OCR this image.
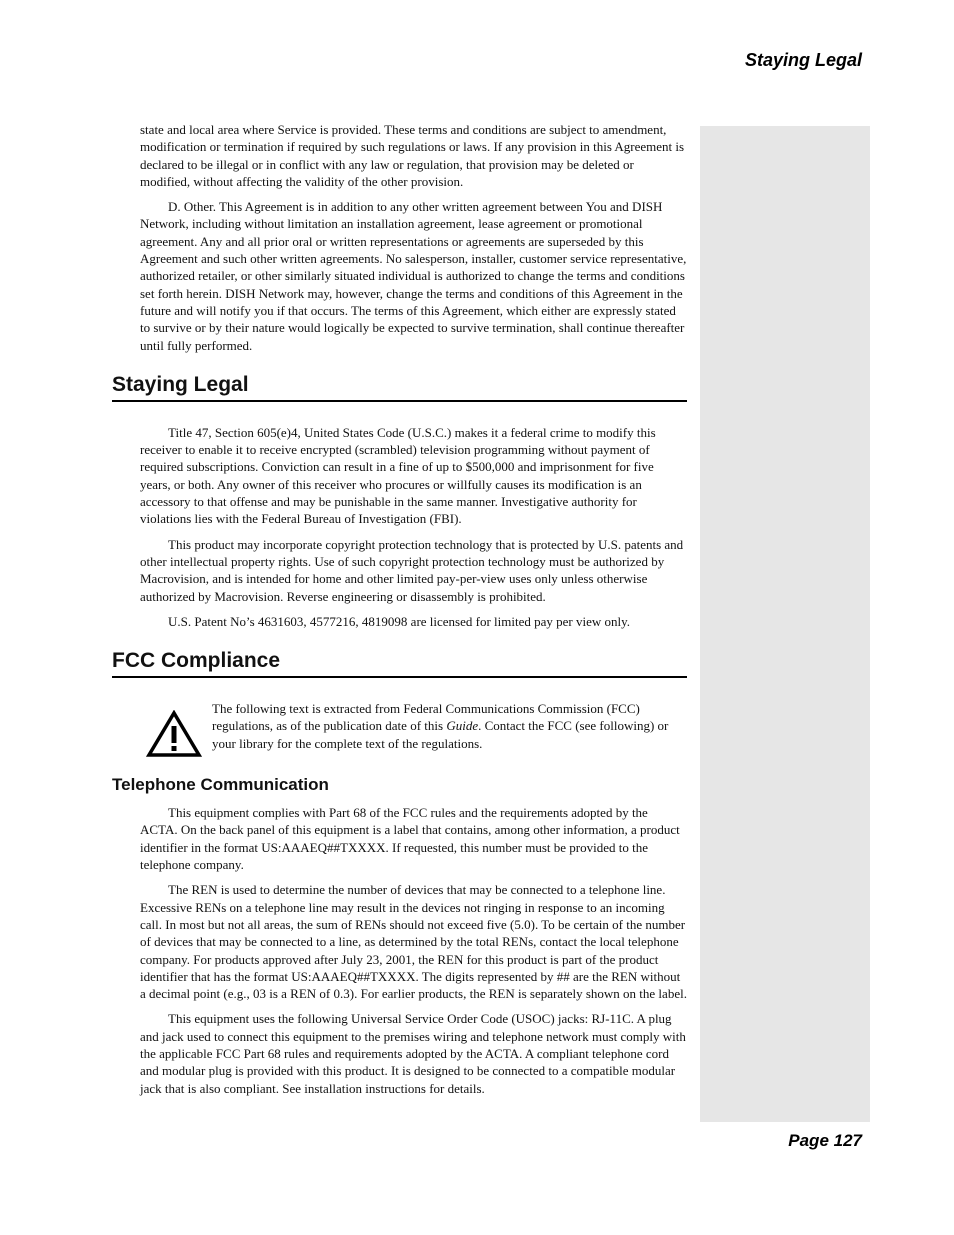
Staying Legal

state and local area where Service is provided. These terms and conditions are subject to amendment, modification or termination if required by such regulations or laws. If any provision in this Agreement is declared to be illegal or in conflict with any law or regulation, that provision may be deleted or modified, without affecting the validity of the other provision.

D. Other. This Agreement is in addition to any other written agreement between You and DISH Network, including without limitation an installation agreement, lease agreement or promotional agreement. Any and all prior oral or written representations or agreements are superseded by this Agreement and such other written agreements. No salesperson, installer, customer service representative, authorized retailer, or other similarly situated individual is authorized to change the terms and conditions set forth herein. DISH Network may, however, change the terms and conditions of this Agreement in the future and will notify you if that occurs. The terms of this Agreement, which either are expressly stated to survive or by their nature would logically be expected to survive termination, shall continue thereafter until fully performed.

Staying Legal

Title 47, Section 605(e)4, United States Code (U.S.C.) makes it a federal crime to modify this receiver to enable it to receive encrypted (scrambled) television programming without payment of required subscriptions. Conviction can result in a fine of up to $500,000 and imprisonment for five years, or both. Any owner of this receiver who procures or willfully causes its modification is an accessory to that offense and may be punishable in the same manner. Investigative authority for violations lies with the Federal Bureau of Investigation (FBI).

This product may incorporate copyright protection technology that is protected by U.S. patents and other intellectual property rights. Use of such copyright protection technology must be authorized by Macrovision, and is intended for home and other limited pay-per-view uses only unless otherwise authorized by Macrovision. Reverse engineering or disassembly is prohibited.

U.S. Patent No’s 4631603, 4577216, 4819098 are licensed for limited pay per view only.

FCC Compliance

The following text is extracted from Federal Communications Commission (FCC) regulations, as of the publication date of this Guide. Contact the FCC (see following) or your library for the complete text of the regulations.

Telephone Communication

This equipment complies with Part 68 of the FCC rules and the requirements adopted by the ACTA. On the back panel of this equipment is a label that contains, among other information, a product identifier in the format US:AAAEQ##TXXXX. If requested, this number must be provided to the telephone company.

The REN is used to determine the number of devices that may be connected to a telephone line. Excessive RENs on a telephone line may result in the devices not ringing in response to an incoming call. In most but not all areas, the sum of RENs should not exceed five (5.0). To be certain of the number of devices that may be connected to a line, as determined by the total RENs, contact the local telephone company. For products approved after July 23, 2001, the REN for this product is part of the product identifier that has the format US:AAAEQ##TXXXX. The digits represented by ## are the REN without a decimal point (e.g., 03 is a REN of 0.3). For earlier products, the REN is separately shown on the label.

This equipment uses the following Universal Service Order Code (USOC) jacks: RJ-11C. A plug and jack used to connect this equipment to the premises wiring and telephone network must comply with the applicable FCC Part 68 rules and requirements adopted by the ACTA. A compliant telephone cord and modular plug is provided with this product. It is designed to be connected to a compatible modular jack that is also compliant. See installation instructions for details.

Page 127
